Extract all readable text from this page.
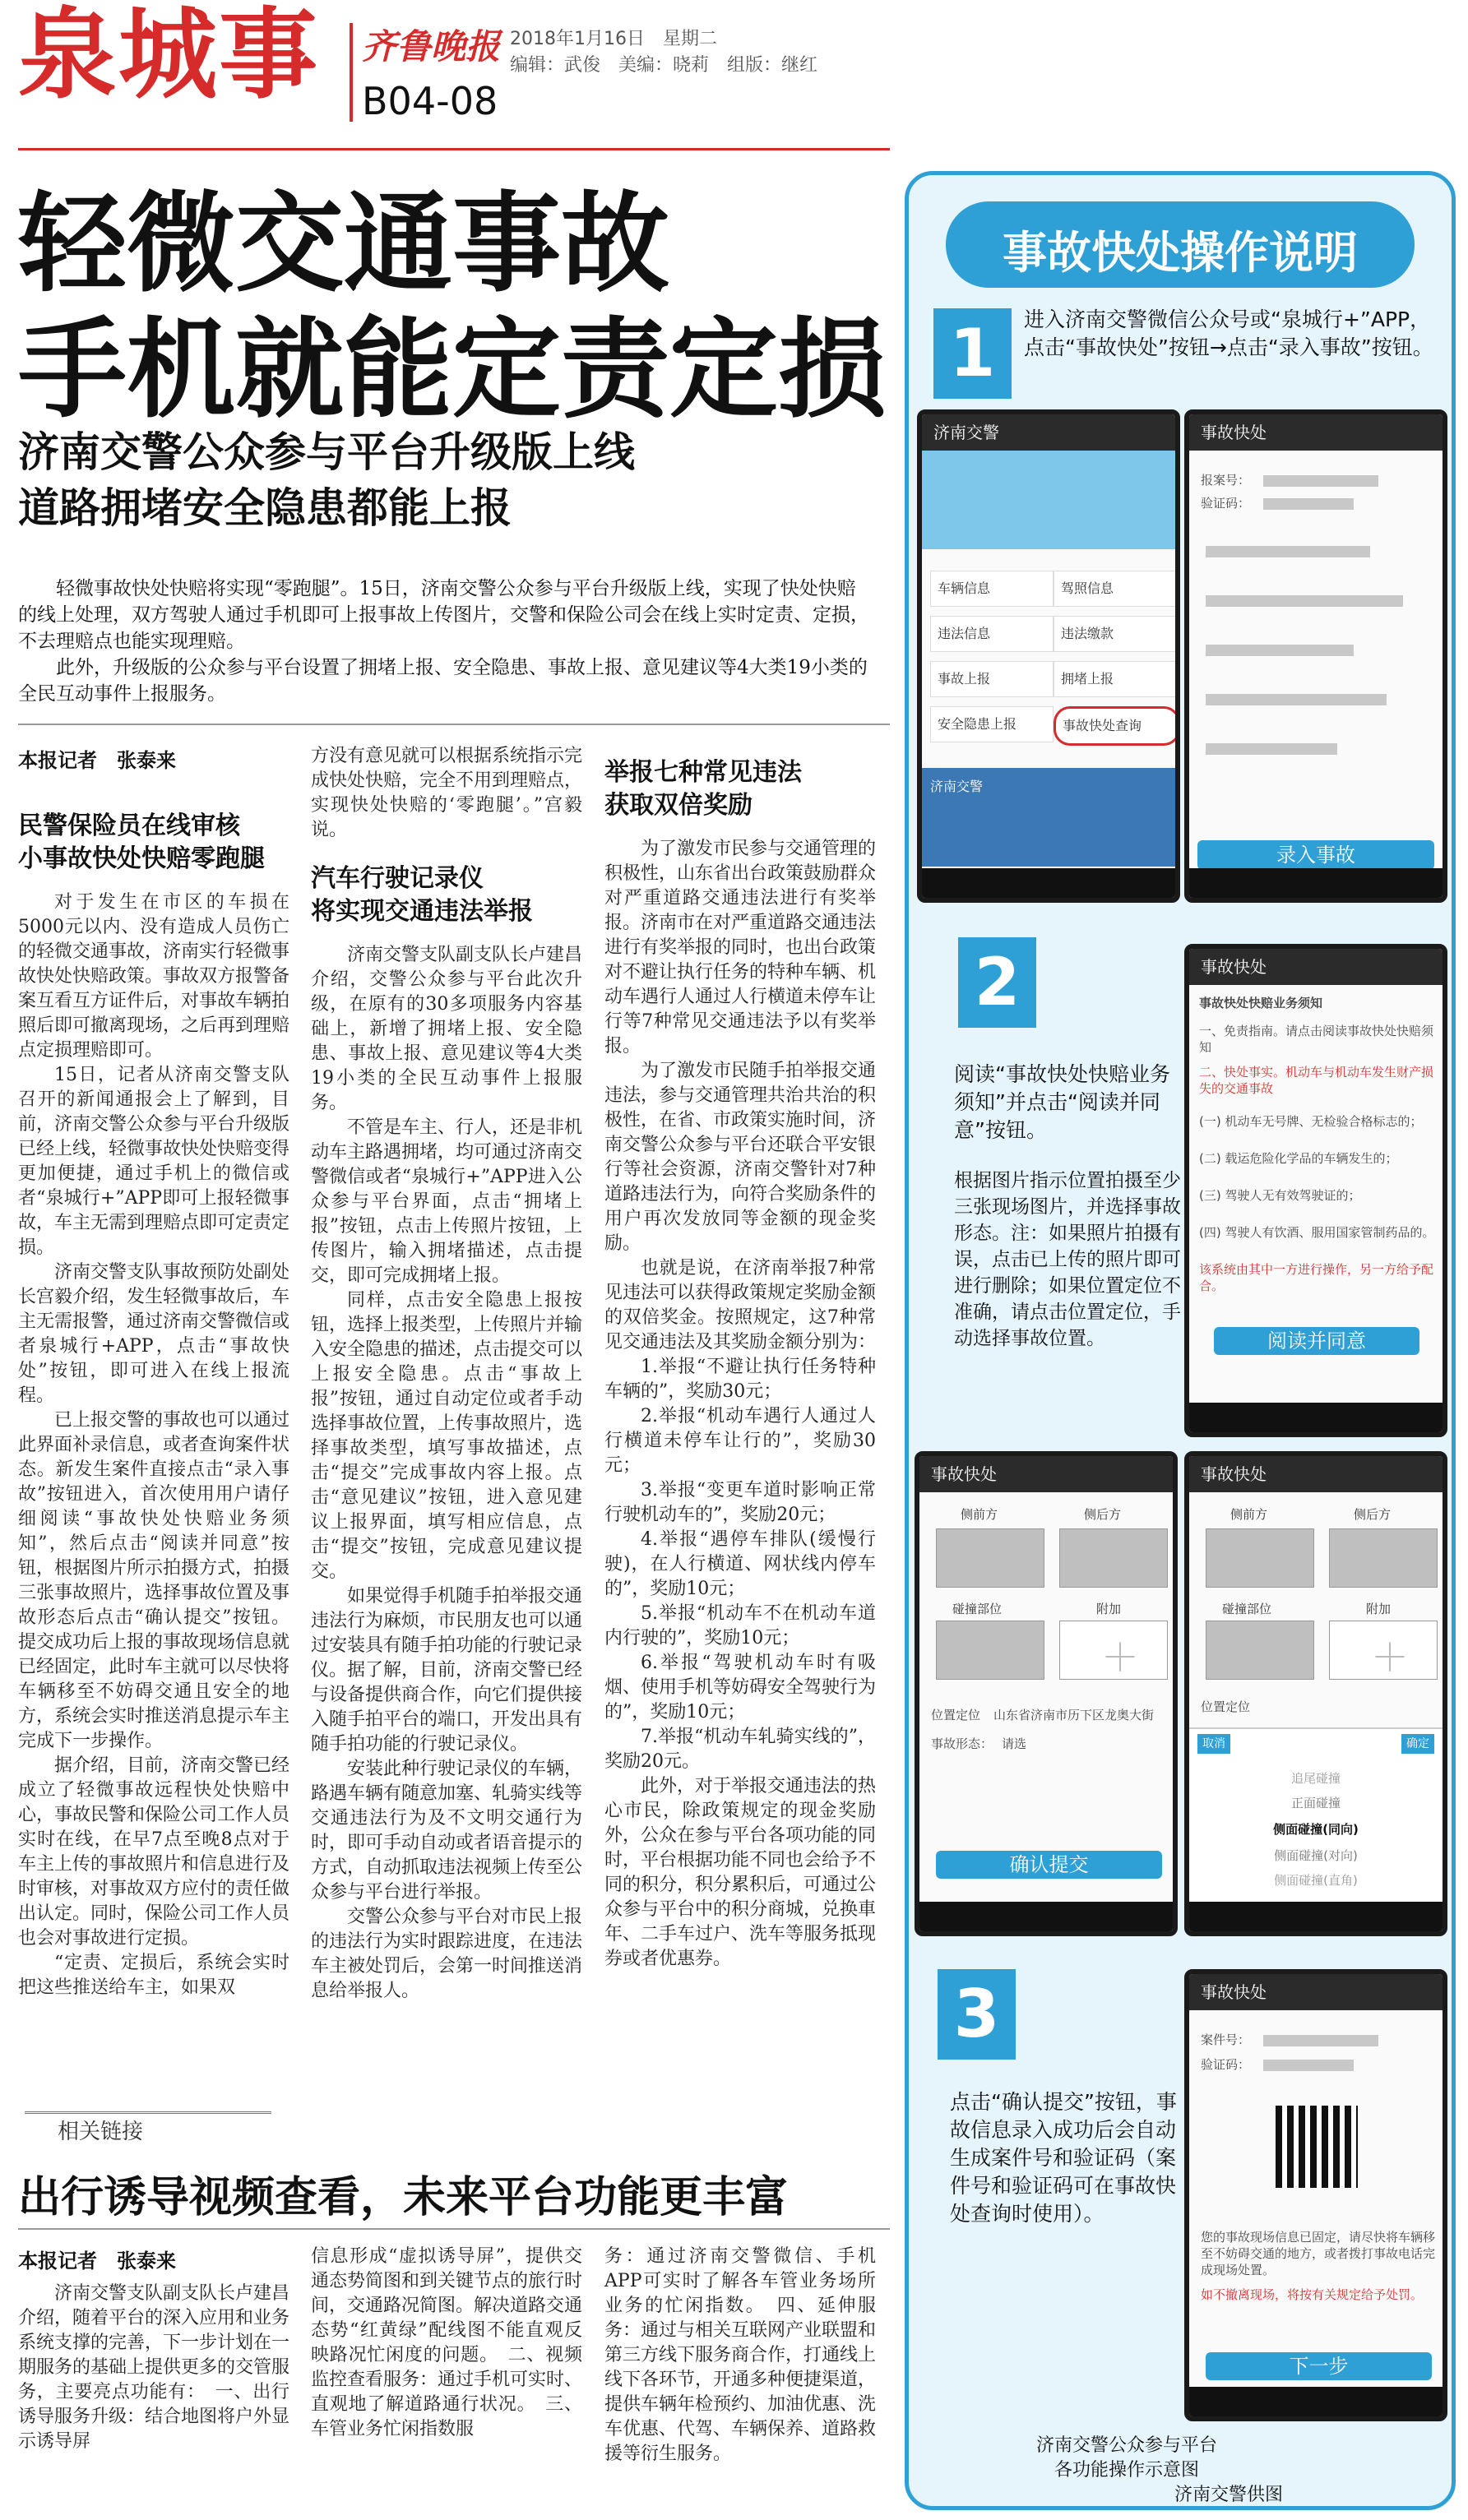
泉城事 齐鲁晚报
B04-08
2018年1月16日　星期二
编辑：武俊　美编：晓莉　组版：继红
轻微交通事故
手机就能定责定损
济南交警公众参与平台升级版上线
道路拥堵安全隐患都能上报

轻微事故快处快赔将实现“零跑腿”。15日，济南交警公众参与平台升级版上线，实现了快处快赔的线上处理，双方驾驶人通过手机即可上报事故上传图片，交警和保险公司会在线上实时定责、定损，不去理赔点也能实现理赔。

此外，升级版的公众参与平台设置了拥堵上报、安全隐患、事故上报、意见建议等4大类19小类的全民互动事件上报服务。

本报记者　张泰来
民警保险员在线审核
小事故快处快赔零跑腿

对于发生在市区的车损在5000元以内、没有造成人员伤亡的轻微交通事故，济南实行轻微事故快处快赔政策。事故双方报警备案互看互方证件后，对事故车辆拍照后即可撤离现场，之后再到理赔点定损理赔即可。

15日，记者从济南交警支队召开的新闻通报会上了解到，目前，济南交警公众参与平台升级版已经上线，轻微事故快处快赔变得更加便捷，通过手机上的微信或者“泉城行+”APP即可上报轻微事故，车主无需到理赔点即可定责定损。

济南交警支队事故预防处副处长宫毅介绍，发生轻微事故后，车主无需报警，通过济南交警微信或者泉城行+APP，点击“事故快处”按钮，即可进入在线上报流程。

已上报交警的事故也可以通过此界面补录信息，或者查询案件状态。新发生案件直接点击“录入事故”按钮进入，首次使用用户请仔细阅读“事故快处快赔业务须知”，然后点击“阅读并同意”按钮，根据图片所示拍摄方式，拍摄三张事故照片，选择事故位置及事故形态后点击“确认提交”按钮。提交成功后上报的事故现场信息就已经固定，此时车主就可以尽快将车辆移至不妨碍交通且安全的地方，系统会实时推送消息提示车主完成下一步操作。

据介绍，目前，济南交警已经成立了轻微事故远程快处快赔中心，事故民警和保险公司工作人员实时在线，在早7点至晚8点对于车主上传的事故照片和信息进行及时审核，对事故双方应付的责任做出认定。同时，保险公司工作人员也会对事故进行定损。

“定责、定损后，系统会实时把这些推送给车主，如果双

方没有意见就可以根据系统指示完成快处快赔，完全不用到理赔点，实现快处快赔的‘零跑腿’。”宫毅说。

汽车行驶记录仪
将实现交通违法举报

济南交警支队副支队长卢建昌介绍，交警公众参与平台此次升级，在原有的30多项服务内容基础上，新增了拥堵上报、安全隐患、事故上报、意见建议等4大类19小类的全民互动事件上报服务。

不管是车主、行人，还是非机动车主路遇拥堵，均可通过济南交警微信或者“泉城行+”APP进入公众参与平台界面，点击“拥堵上报”按钮，点击上传照片按钮，上传图片，输入拥堵描述，点击提交，即可完成拥堵上报。

同样，点击安全隐患上报按钮，选择上报类型，上传照片并输入安全隐患的描述，点击提交可以上报安全隐患。点击“事故上报”按钮，通过自动定位或者手动选择事故位置，上传事故照片，选择事故类型，填写事故描述，点击“提交”完成事故内容上报。点击“意见建议”按钮，进入意见建议上报界面，填写相应信息，点击“提交”按钮，完成意见建议提交。

如果觉得手机随手拍举报交通违法行为麻烦，市民朋友也可以通过安装具有随手拍功能的行驶记录仪。据了解，目前，济南交警已经与设备提供商合作，向它们提供接入随手拍平台的端口，开发出具有随手拍功能的行驶记录仪。

安装此种行驶记录仪的车辆，路遇车辆有随意加塞、轧骑实线等交通违法行为及不文明交通行为时，即可手动自动或者语音提示的方式，自动抓取违法视频上传至公众参与平台进行举报。

交警公众参与平台对市民上报的违法行为实时跟踪进度，在违法车主被处罚后，会第一时间推送消息给举报人。

举报七种常见违法
获取双倍奖励

为了激发市民参与交通管理的积极性，山东省出台政策鼓励群众对严重道路交通违法进行有奖举报。济南市在对严重道路交通违法进行有奖举报的同时，也出台政策对不避让执行任务的特种车辆、机动车遇行人通过人行横道未停车让行等7种常见交通违法予以有奖举报。

为了激发市民随手拍举报交通违法，参与交通管理共治共治的积极性，在省、市政策实施时间，济南交警公众参与平台还联合平安银行等社会资源，济南交警针对7种道路违法行为，向符合奖励条件的用户再次发放同等金额的现金奖励。

也就是说，在济南举报7种常见违法可以获得政策规定奖励金额的双倍奖金。按照规定，这7种常见交通违法及其奖励金额分别为：

1.举报“不避让执行任务特种车辆的”，奖励30元；

2.举报“机动车遇行人通过人行横道未停车让行的”，奖励30元；

3.举报“变更车道时影响正常行驶机动车的”，奖励20元；

4.举报“遇停车排队(缓慢行驶)，在人行横道、网状线内停车的”，奖励10元；

5.举报“机动车不在机动车道内行驶的”，奖励10元；

6.举报“驾驶机动车时有吸烟、使用手机等妨碍安全驾驶行为的”，奖励10元；

7.举报“机动车轧骑实线的”，奖励20元。

此外，对于举报交通违法的热心市民，除政策规定的现金奖励外，公众在参与平台各项功能的同时，平台根据功能不同也会给予不同的积分，积分累积后，可通过公众参与平台中的积分商城，兑换車年、二手车过户、洗车等服务抵现券或者优惠券。

相关链接
出行诱导视频查看，未来平台功能更丰富
本报记者　张泰来
济南交警支队副支队长卢建昌介绍，随着平台的深入应用和业务系统支撑的完善，下一步计划在一期服务的基础上提供更多的交管服务，主要亮点功能有：　一、出行诱导服务升级：结合地图将户外显示诱导屏
信息形成“虚拟诱导屏”，提供交通态势简图和到关键节点的旅行时间，交通路况简图。解决道路交通态势“红黄绿”配线图不能直观反映路况忙闲度的问题。　二、视频监控查看服务：通过手机可实时、直观地了解道路通行状况。　三、车管业务忙闲指数服
务：通过济南交警微信、手机APP可实时了解各车管业务场所业务的忙闲指数。　四、延伸服务：通过与相关互联网产业联盟和第三方线下服务商合作，打通线上线下各环节，开通多种便捷渠道，提供车辆年检预约、加油优惠、洗车优惠、代驾、车辆保养、道路救援等衍生服务。
事故快处操作说明
1	进入济南交警微信公众号或“泉城行+”APP，点击“事故快处”按钮→点击“录入事故”按钮。
济南交警
车辆信息	驾照信息
违法信息	违法缴款
事故上报	拥堵上报
安全隐患上报	事故快处查询
济南交警
事故快处
报案号：
验证码：
录入事故
2
阅读“事故快处快赔业务须知”并点击“阅读并同意”按钮。
根据图片指示位置拍摄至少三张现场图片，并选择事故形态。注：如果照片拍摄有误，点击已上传的照片即可进行删除；如果位置定位不准确，请点击位置定位，手动选择事故位置。
事故快处
事故快处快赔业务须知
一、免责指南。请点击阅读事故快处快赔须知
二、快处事实。机动车与机动车发生财产损失的交通事故
(一) 机动车无号牌、无检验合格标志的；
(二) 载运危险化学品的车辆发生的；
(三) 驾驶人无有效驾驶证的；
(四) 驾驶人有饮酒、服用国家管制药品的。
该系统由其中一方进行操作，另一方给予配合。
阅读并同意
事故快处
侧前方	侧后方
碰撞部位	附加
＋
位置定位 山东省济南市历下区龙奥大街
事故形态： 请选
确认提交
事故快处
侧前方	侧后方
碰撞部位	附加
＋
位置定位
取消	确定
追尾碰撞
正面碰撞
侧面碰撞(同向)
侧面碰撞(对向)
侧面碰撞(直角)
3
点击“确认提交”按钮，事故信息录入成功后会自动生成案件号和验证码（案件号和验证码可在事故快处查询时使用）。
事故快处
案件号：
验证码：
您的事故现场信息已固定，请尽快将车辆移至不妨碍交通的地方，或者拨打事故电话完成现场处置。
如不撤离现场，将按有关规定给予处罚。
下一步
济南交警公众参与平台
各功能操作示意图
济南交警供图
